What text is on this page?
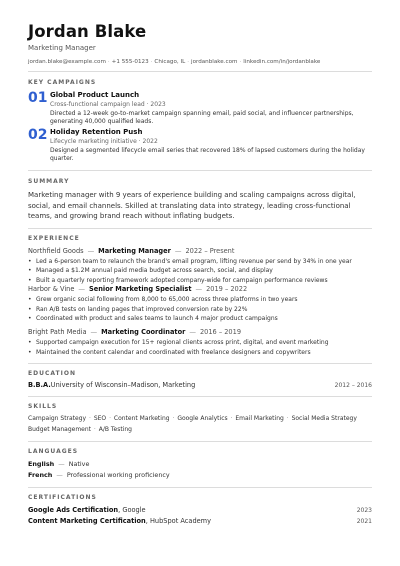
Jordan Blake
Marketing Manager
jordan.blake@example.com · +1 555-0123 · Chicago, IL · jordanblake.com · linkedin.com/in/jordanblake
KEY CAMPAIGNS
01 Global Product Launch
Cross-functional campaign lead · 2023
Directed a 12-week go-to-market campaign spanning email, paid social, and influencer partnerships, generating 40,000 qualified leads.
02 Holiday Retention Push
Lifecycle marketing initiative · 2022
Designed a segmented lifecycle email series that recovered 18% of lapsed customers during the holiday quarter.
SUMMARY
Marketing manager with 9 years of experience building and scaling campaigns across digital, social, and email channels. Skilled at translating data into strategy, leading cross-functional teams, and growing brand reach without inflating budgets.
EXPERIENCE
Northfield Goods — Marketing Manager — 2022 – Present
• Led a 6-person team to relaunch the brand's email program, lifting revenue per send by 34% in one year
• Managed a $1.2M annual paid media budget across search, social, and display
• Built a quarterly reporting framework adopted company-wide for campaign performance reviews
Harbor & Vine — Senior Marketing Specialist — 2019 – 2022
• Grew organic social following from 8,000 to 65,000 across three platforms in two years
• Ran A/B tests on landing pages that improved conversion rate by 22%
• Coordinated with product and sales teams to launch 4 major product campaigns
Bright Path Media — Marketing Coordinator — 2016 – 2019
• Supported campaign execution for 15+ regional clients across print, digital, and event marketing
• Maintained the content calendar and coordinated with freelance designers and copywriters
EDUCATION
B.B.A.University of Wisconsin–Madison, Marketing	2012 – 2016
SKILLS
Campaign Strategy · SEO · Content Marketing · Google Analytics · Email Marketing · Social Media Strategy
Budget Management · A/B Testing
LANGUAGES
English — Native
French — Professional working proficiency
CERTIFICATIONS
Google Ads Certification, Google	2023
Content Marketing Certification, HubSpot Academy	2021
